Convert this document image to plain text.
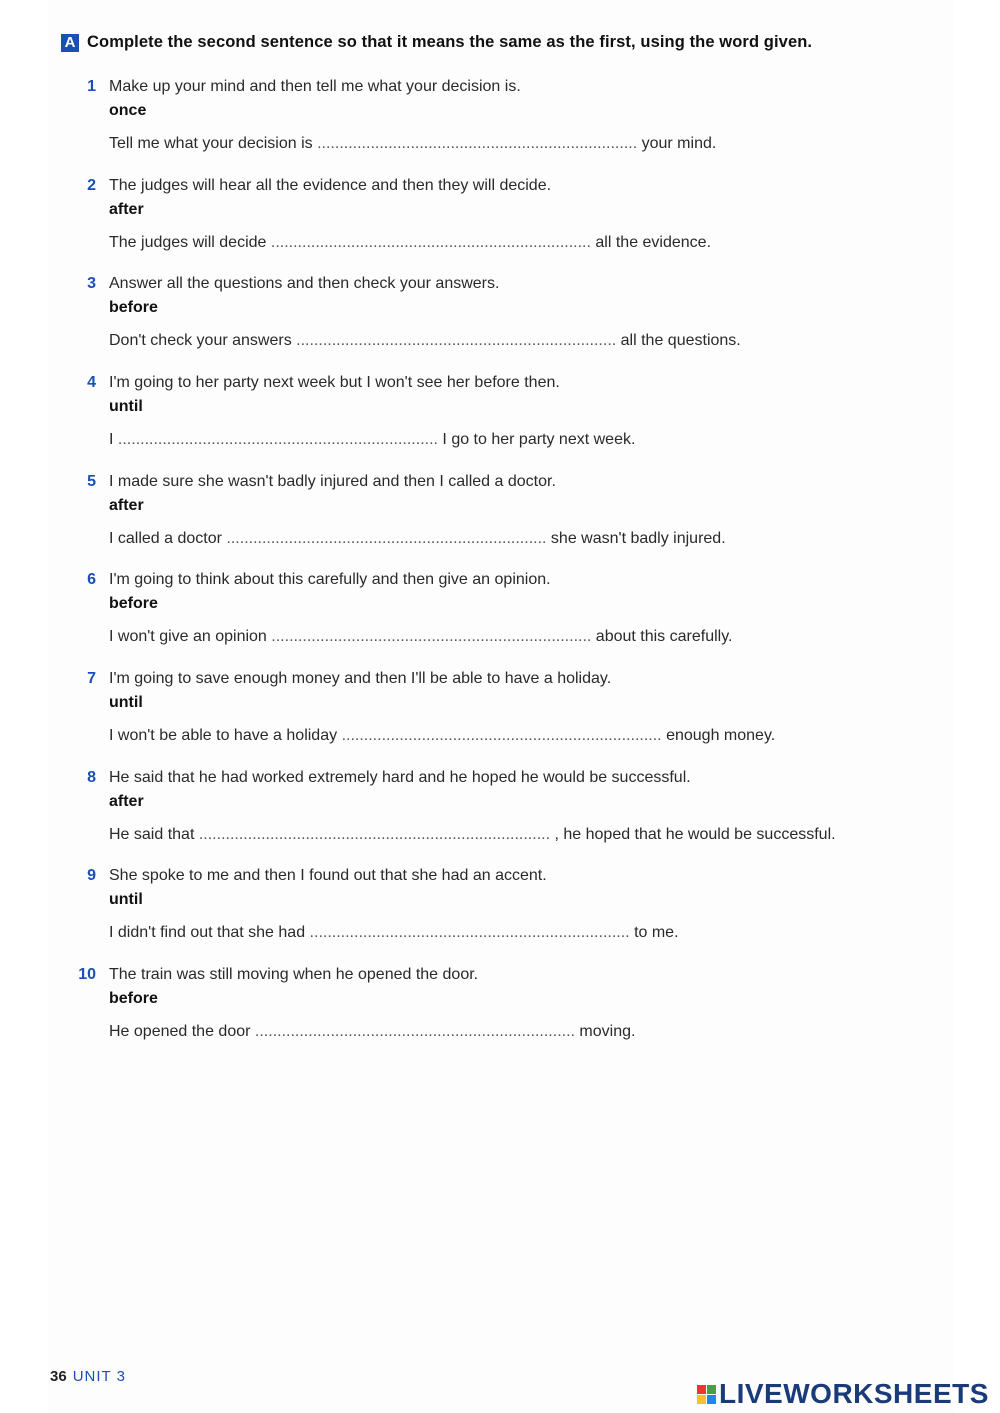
A Complete the second sentence so that it means the same as the first, using the word given.
1 Make up your mind and then tell me what your decision is.
once
Tell me what your decision is ........................................................................ your mind.
2 The judges will hear all the evidence and then they will decide.
after
The judges will decide ........................................................................ all the evidence.
3 Answer all the questions and then check your answers.
before
Don't check your answers ........................................................................ all the questions.
4 I'm going to her party next week but I won't see her before then.
until
I ........................................................................ I go to her party next week.
5 I made sure she wasn't badly injured and then I called a doctor.
after
I called a doctor ........................................................................ she wasn't badly injured.
6 I'm going to think about this carefully and then give an opinion.
before
I won't give an opinion ........................................................................ about this carefully.
7 I'm going to save enough money and then I'll be able to have a holiday.
until
I won't be able to have a holiday ........................................................................ enough money.
8 He said that he had worked extremely hard and he hoped he would be successful.
after
He said that ............................................................................... , he hoped that he would be successful.
9 She spoke to me and then I found out that she had an accent.
until
I didn't find out that she had ........................................................................ to me.
10 The train was still moving when he opened the door.
before
He opened the door ........................................................................ moving.
36 UNIT 3
LIVEWORKSHEETS
